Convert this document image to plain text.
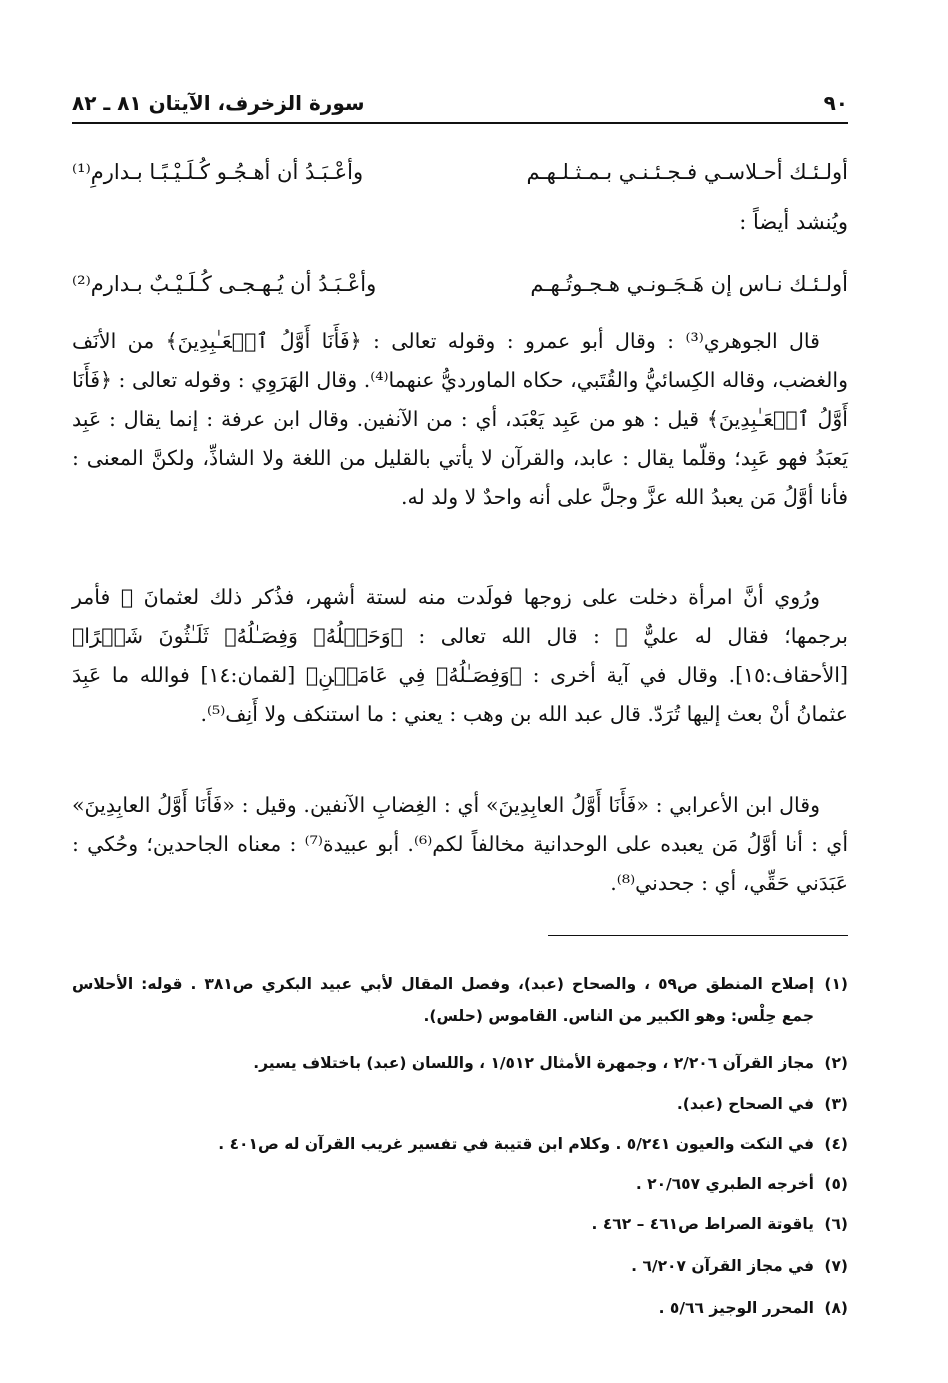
٩٠
سورة الزخرف، الآيتان ٨١ ـ ٨٢
أولـئـك أحـلاسـي فـجـئـنـي بـمـثـلـهـم
وأعْـبَـدُ أن أهـجُـو كُـلَـيْـبًـا بـدارمِ⁽¹⁾
ويُنشد أيضاً :
أولـئـك نـاس إن هَـجَـونـي هـجـوتُـهـم
وأعْـبَـدُ أن يُـهـجـى كُـلَـيْـبٌ بـدارم⁽²⁾
قال الجوهري⁽³⁾ : وقال أبو عمرو : وقوله تعالى : ﴿فَأَنَا أَوَّلُ ٱلۡعَـٰبِدِينَ﴾ من الأنَف والغضب، وقاله الكِسائيُّ والقُتَبي، حكاه الماورديُّ عنهما⁽⁴⁾. وقال الهَرَوِي : وقوله تعالى : ﴿فَأَنَا أَوَّلُ ٱلۡعَـٰبِدِينَ﴾ قيل : هو من عَبِد يَعْبَد، أي : من الآنفين. وقال ابن عرفة : إنما يقال : عَبِد يَعبَدُ فهو عَبِد؛ وقلّما يقال : عابد، والقرآن لا يأتي بالقليل من اللغة ولا الشاذِّ، ولكنَّ المعنى : فأنا أوَّلُ مَن يعبدُ الله عزَّ وجلَّ على أنه واحدٌ لا ولد له.
ورُوي أنَّ امرأة دخلت على زوجها فولَدت منه لستة أشهر، فذُكر ذلك لعثمانَ ﷺ فأمر برجمها؛ فقال له عليٌّ ﷺ : قال الله تعالى : ﴿وَحَمۡلُهُۥ وَفِصَـٰلُهُۥ ثَلَـٰثُونَ شَهۡرًا﴾ [الأحقاف:١٥]. وقال في آية أخرى : ﴿وَفِصَـٰلُهُۥ فِي عَامَيۡنِ﴾ [لقمان:١٤] فوالله ما عَبِدَ عثمانُ أنْ بعث إليها تُرَدّ. قال عبد الله بن وهب : يعني : ما استنكف ولا أَنِف⁽⁵⁾.
وقال ابن الأعرابي : «فَأَنَا أَوَّلُ العابِدِينَ» أي : الغِضابِ الآنفين. وقيل : «فَأَنَا أَوَّلُ العابِدِينَ» أي : أنا أوَّلُ مَن يعبده على الوحدانية مخالفاً لكم⁽⁶⁾. أبو عبيدة⁽⁷⁾ : معناه الجاحدين؛ وحُكي : عَبَدَني حَقِّي، أي : جحدني⁽⁸⁾.
(١)
إصلاح المنطق ص٥٩ ، والصحاح (عبد)، وفصل المقال لأبي عبيد البكري ص٣٨١ . قوله: الأحلاس جمع حِلْس: وهو الكبير من الناس. القاموس (حلس).
(٢)
مجاز القرآن ٢/٢٠٦ ، وجمهرة الأمثال ١/٥١٢ ، واللسان (عبد) باختلاف يسير.
(٣)
في الصحاح (عبد).
(٤)
في النكت والعيون ٥/٢٤١ . وكلام ابن قتيبة في تفسير غريب القرآن له ص٤٠١ .
(٥)
أخرجه الطبري ٢٠/٦٥٧ .
(٦)
ياقوتة الصراط ص٤٦١ – ٤٦٢ .
(٧)
في مجاز القرآن ٦/٢٠٧ .
(٨)
المحرر الوجيز ٥/٦٦ .
